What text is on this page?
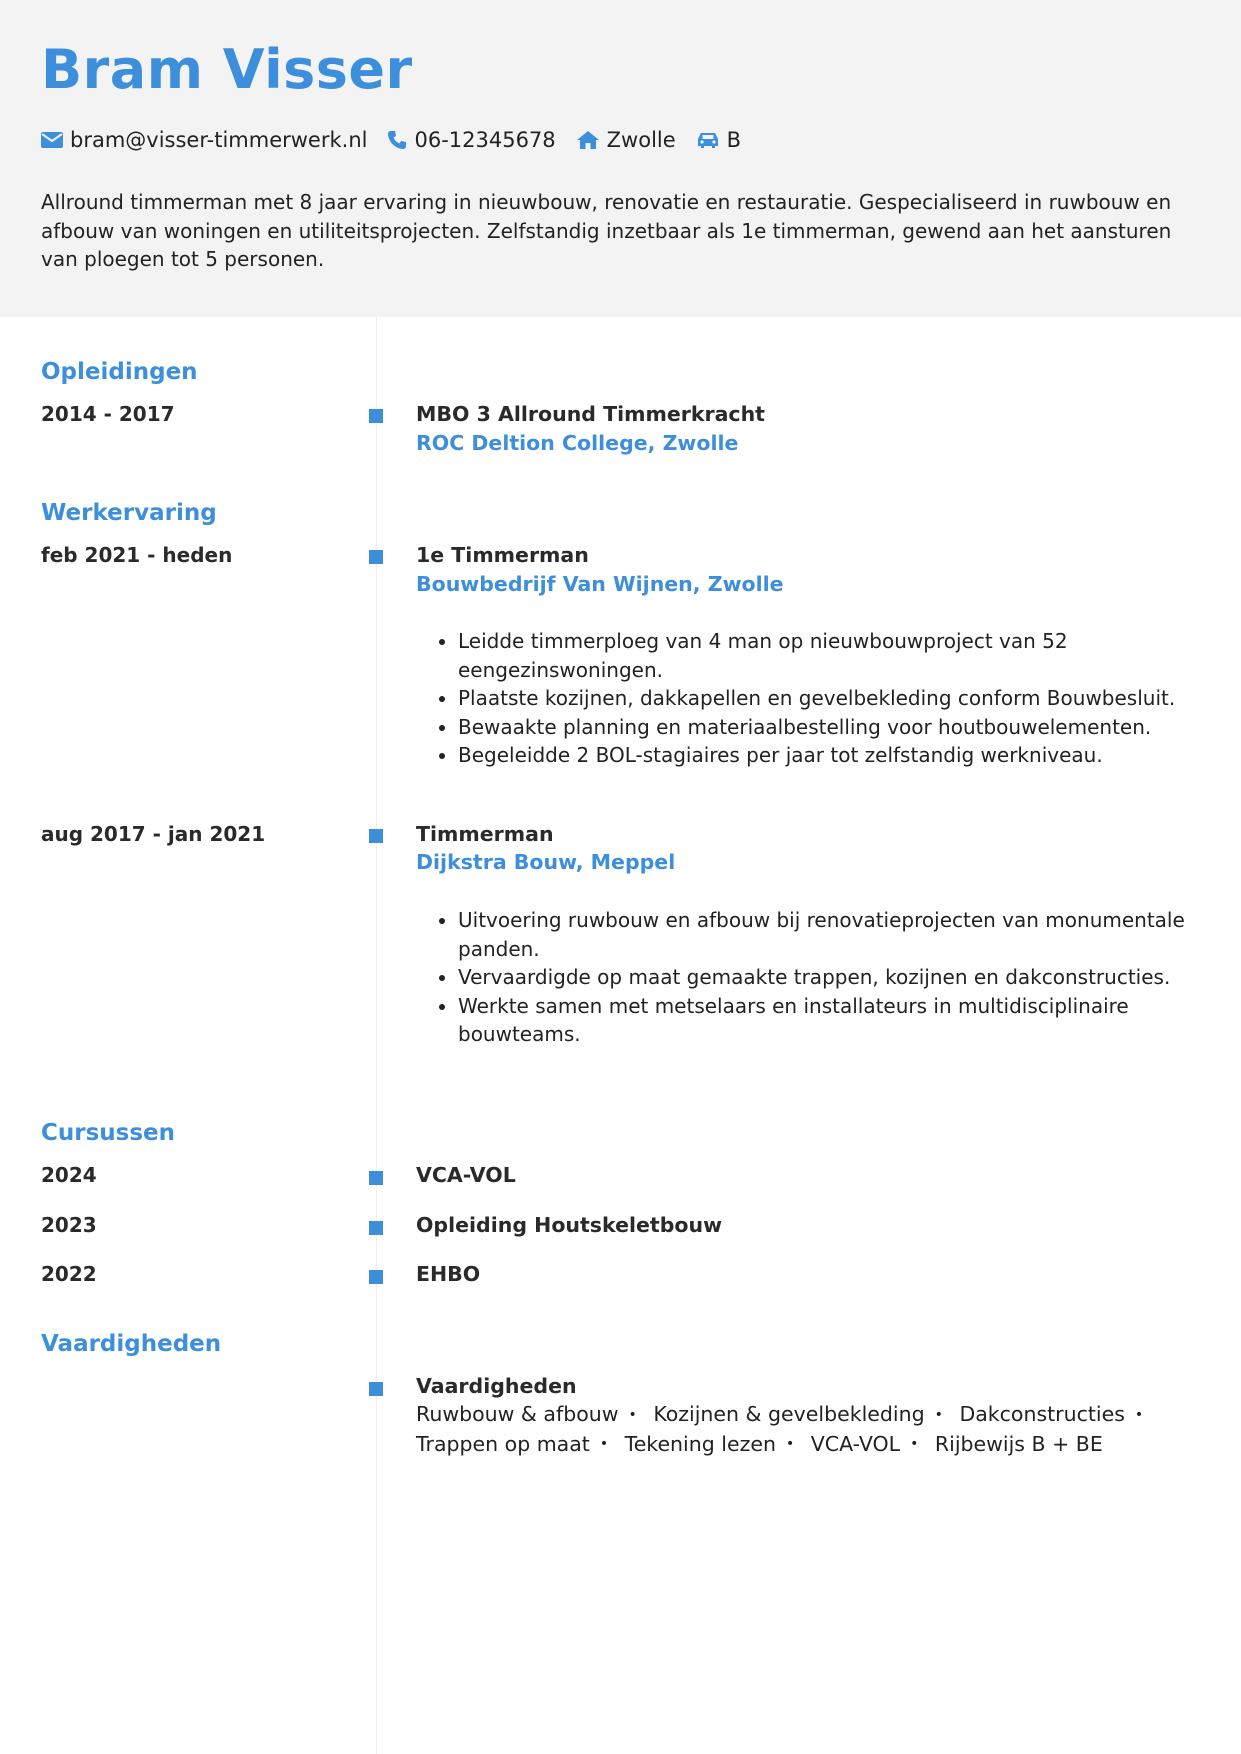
Bram Visser
bram@visser-timmerwerk.nl 06-12345678 Zwolle B

Allround timmerman met 8 jaar ervaring in nieuwbouw, renovatie en restauratie. Gespecialiseerd in ruwbouw en afbouw van woningen en utiliteitsprojecten. Zelfstandig inzetbaar als 1e timmerman, gewend aan het aansturen van ploegen tot 5 personen.

Opleidingen
2014 - 2017	MBO 3 Allround Timmerkracht
ROC Deltion College, Zwolle
Werkervaring
feb 2021 - heden	1e Timmerman
Bouwbedrijf Van Wijnen, Zwolle
• Leidde timmerploeg van 4 man op nieuwbouwproject van 52 eengezinswoningen.
• Plaatste kozijnen, dakkapellen en gevelbekleding conform Bouwbesluit.
• Bewaakte planning en materiaalbestelling voor houtbouwelementen.
• Begeleidde 2 BOL-stagiaires per jaar tot zelfstandig werkniveau.
aug 2017 - jan 2021	Timmerman
Dijkstra Bouw, Meppel
• Uitvoering ruwbouw en afbouw bij renovatieprojecten van monumentale panden.
• Vervaardigde op maat gemaakte trappen, kozijnen en dakconstructies.
• Werkte samen met metselaars en installateurs in multidisciplinaire bouwteams.
Cursussen
2024	VCA-VOL
2023	Opleiding Houtskeletbouw
2022	EHBO
Vaardigheden
Vaardigheden
Ruwbouw & afbouw • Kozijnen & gevelbekleding • Dakconstructies • Trappen op maat • Tekening lezen • VCA-VOL • Rijbewijs B + BE
